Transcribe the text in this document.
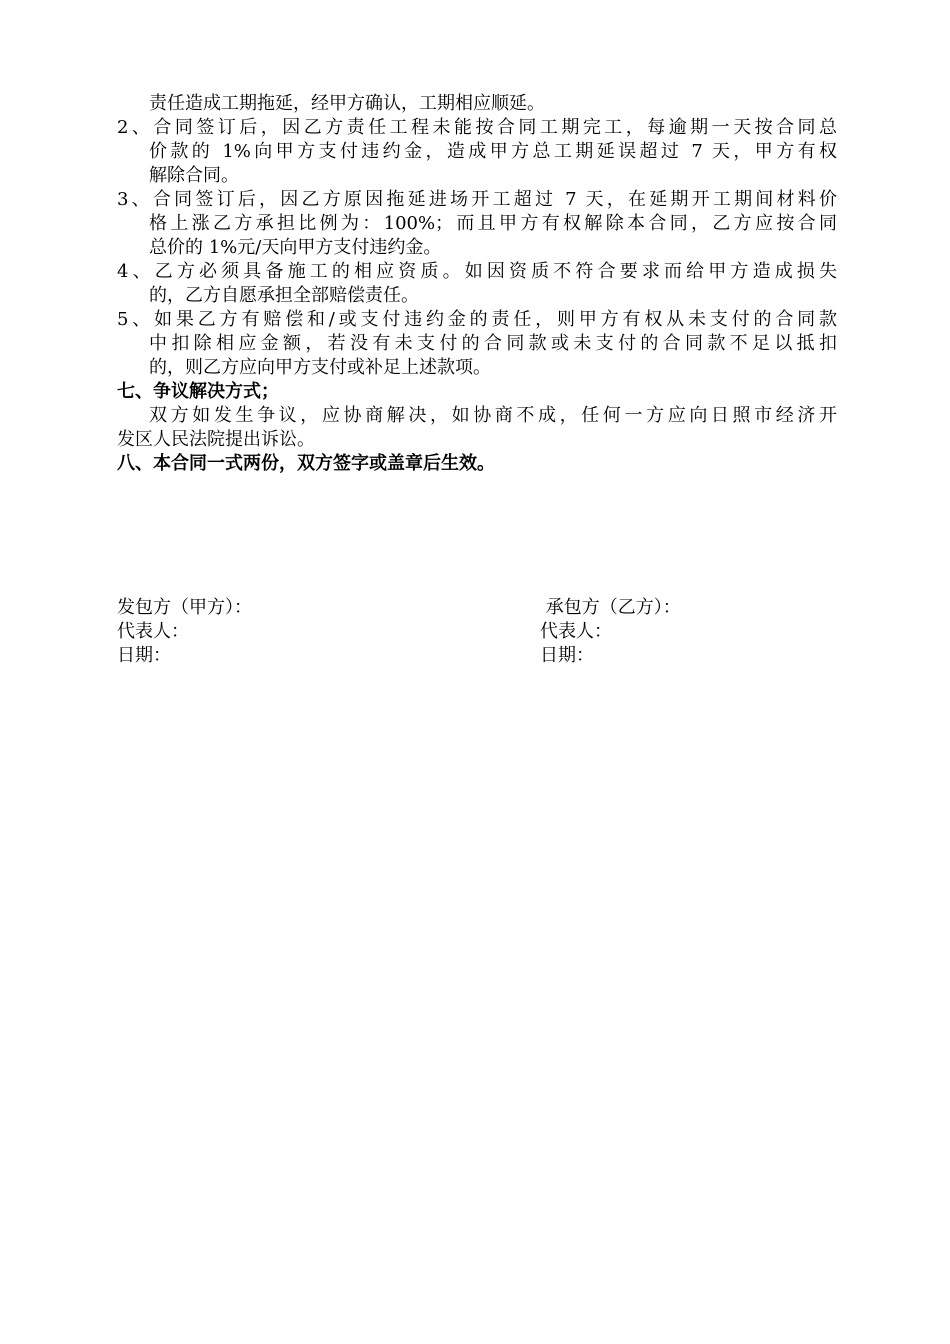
责任造成工期拖延，经甲方确认，工期相应顺延。
2、合同签订后，因乙方责任工程未能按合同工期完工，每逾期一天按合同总
价款的 1%向甲方支付违约金，造成甲方总工期延误超过 7 天，甲方有权
解除合同。
3、合同签订后，因乙方原因拖延进场开工超过 7 天，在延期开工期间材料价
格上涨乙方承担比例为：100%；而且甲方有权解除本合同，乙方应按合同
总价的 1%元/天向甲方支付违约金。
4、乙方必须具备施工的相应资质。如因资质不符合要求而给甲方造成损失
的，乙方自愿承担全部赔偿责任。
5、如果乙方有赔偿和/或支付违约金的责任，则甲方有权从未支付的合同款
中扣除相应金额，若没有未支付的合同款或未支付的合同款不足以抵扣
的，则乙方应向甲方支付或补足上述款项。
七、争议解决方式；
双方如发生争议，应协商解决，如协商不成，任何一方应向日照市经济开
发区人民法院提出诉讼。
八、本合同一式两份，双方签字或盖章后生效。
发包方（甲方）：
代表人：
日期：
承包方（乙方）：
代表人：
日期：
